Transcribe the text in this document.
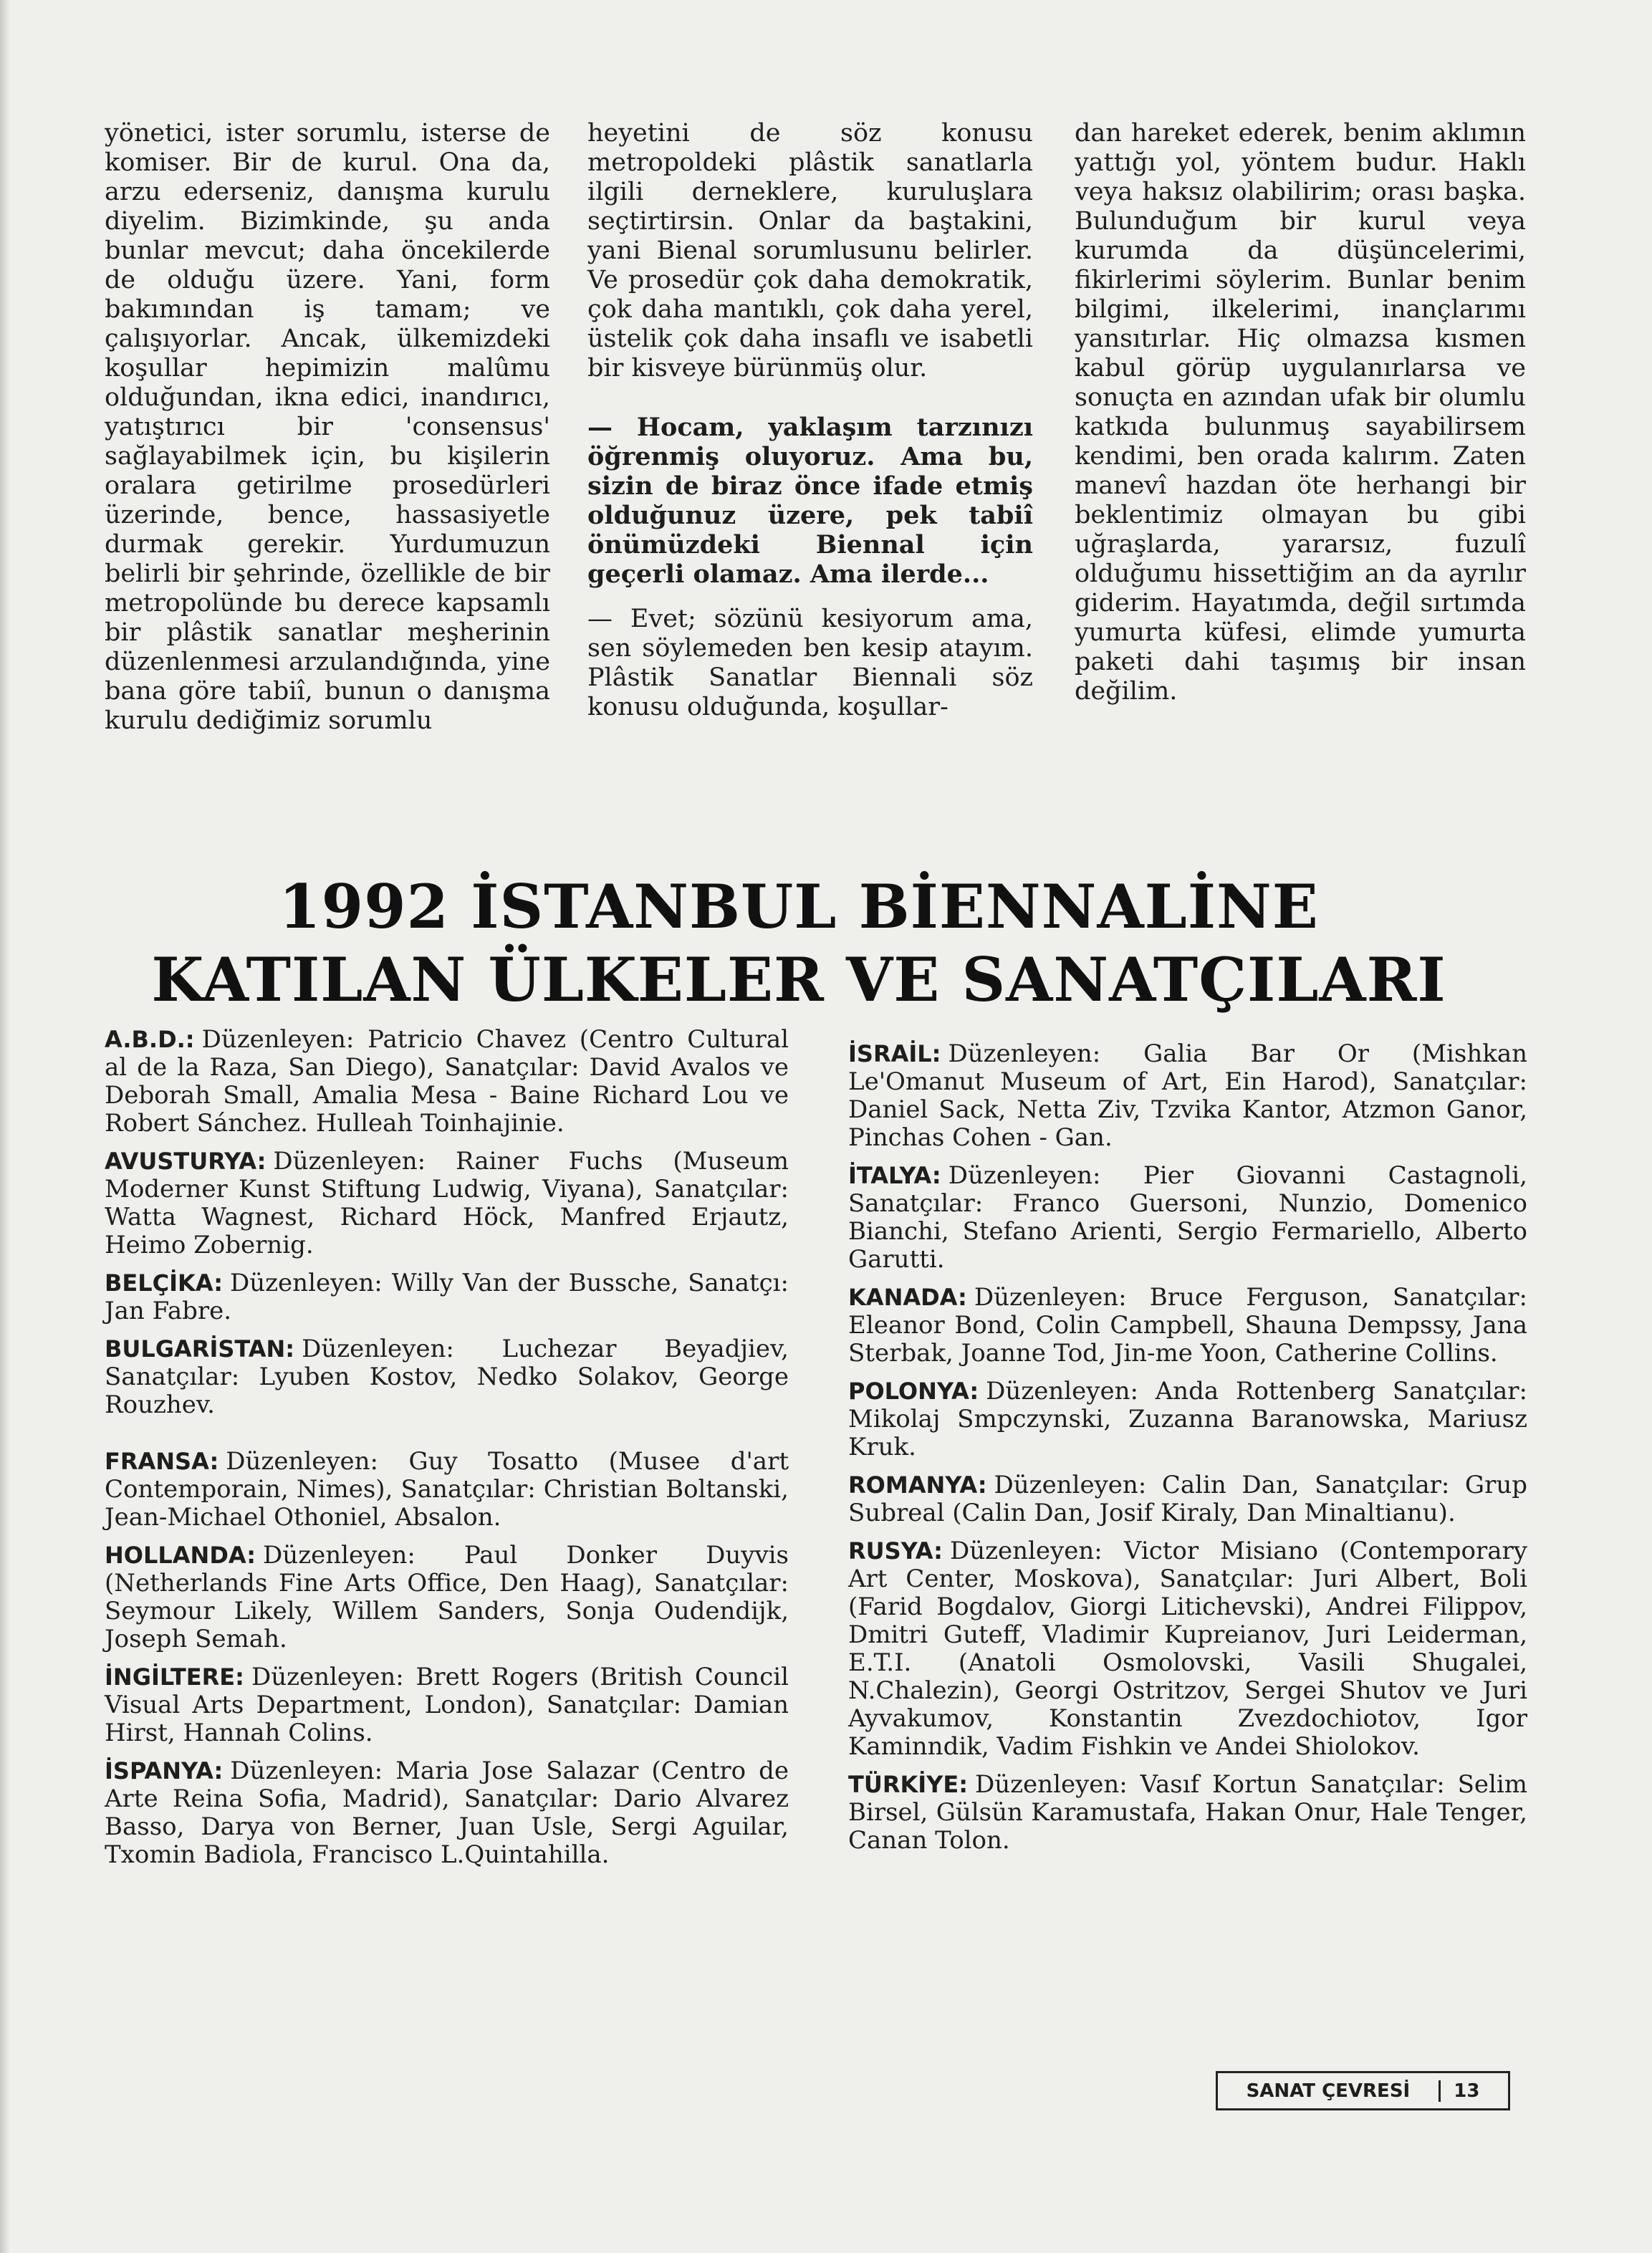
yönetici, ister sorumlu, isterse de komiser. Bir de kurul. Ona da, arzu ederseniz, danışma kurulu diyelim. Bizimkinde, şu anda bunlar mevcut; daha öncekilerde de olduğu üzere. Yani, form bakımından iş tamam; ve çalışıyorlar. Ancak, ülkemizdeki koşullar hepimizin malûmu olduğundan, ikna edici, inandırıcı, yatıştırıcı bir 'consensus' sağlayabilmek için, bu kişilerin oralara getirilme prosedürleri üzerinde, bence, hassasiyetle durmak gerekir. Yurdumuzun belirli bir şehrinde, özellikle de bir metropolünde bu derece kapsamlı bir plâstik sanatlar meşherinin düzenlenmesi arzulandığında, yine bana göre tabiî, bunun o danışma kurulu dediğimiz sorumlu

heyetini de söz konusu metropoldeki plâstik sanatlarla ilgili dernеklere, kuruluşlara seçtirtirsin. Onlar da baştakini, yani Bienal sorumlusunu belirler. Ve prosedür çok daha demokratik, çok daha mantıklı, çok daha yerel, üstelik çok daha insaflı ve isabetli bir kisveye bürünmüş olur.

— Hocam, yaklaşım tarzınızı öğrenmiş oluyoruz. Ama bu, sizin de biraz önce ifade etmiş olduğunuz üzere, pek tabiî önümüzdeki Biennal için geçerli olamaz. Ama ilerde...

— Evet; sözünü kesiyorum ama, sen söylemeden ben kesip atayım. Plâstik Sanatlar Biennali söz konusu olduğunda, koşullar-

dan hareket ederek, benim aklımın yattığı yol, yöntem budur. Haklı veya haksız olabilirim; orası başka. Bulunduğum bir kurul veya kurumda da düşüncelerimi, fikirlerimi söylerim. Bunlar benim bilgimi, ilkelerimi, inançlarımı yansıtırlar. Hiç olmazsa kısmen kabul görüp uygulanırlarsa ve sonuçta en azından ufak bir olumlu katkıda bulunmuş sayabilirsem kendimi, ben orada kalırım. Zaten manevî hazdan öte herhangi bir beklentimiz olmayan bu gibi uğraşlarda, yararsız, fuzulî olduğumu hissettiğim an da ayrılır giderim. Hayatımda, değil sırtımda yumurta küfesi, elimde yumurta paketi dahi taşımış bir insan değilim.

1992 İSTANBUL BİENNALİNE
KATILAN ÜLKELER VE SANATÇILARI

A.B.D.: Düzenleyen: Patricio Chavez (Centro Cultural al de la Raza, San Diego), Sanatçılar: David Avalos ve Deborah Small, Amalia Mesa - Baine Richard Lou ve Robert Sánchez. Hulleah Toinhajinie.

AVUSTURYA: Düzenleyen: Rainer Fuchs (Museum Moderner Kunst Stiftung Ludwig, Viyana), Sanatçılar: Watta Wagnest, Richard Höck, Manfred Erjautz, Heimo Zobernig.

BELÇİKA: Düzenleyen: Willy Van der Bussche, Sanatçı: Jan Fabre.

BULGARİSTAN: Düzenleyen: Luchezar Beyadjiev, Sanatçılar: Lyuben Kostov, Nedko Solakov, George Rouzhev.

FRANSA: Düzenleyen: Guy Tosatto (Musee d'art Contemporain, Nimes), Sanatçılar: Christian Boltanski, Jean-Michael Othoniel, Absalon.

HOLLANDA: Düzenleyen: Paul Donker Duyvis (Netherlands Fine Arts Office, Den Haag), Sanatçılar: Seymour Likely, Willem Sanders, Sonja Oudendijk, Joseph Semah.

İNGİLTERE: Düzenleyen: Brett Rogers (British Council Visual Arts Department, London), Sanatçılar: Damian Hirst, Hannah Colins.

İSPANYA: Düzenleyen: Maria Jose Salazar (Centro de Arte Reina Sofia, Madrid), Sanatçılar: Dario Alvarez Basso, Darya von Berner, Juan Usle, Sergi Aguilar, Txomin Badiola, Francisco L.Quintahilla.

İSRAİL: Düzenleyen: Galia Bar Or (Mishkan Le'Omanut Museum of Art, Ein Harod), Sanatçılar: Daniel Sack, Netta Ziv, Tzvika Kantor, Atzmon Ganor, Pinchas Cohen - Gan.

İTALYA: Düzenleyen: Pier Giovanni Castagnoli, Sanatçılar: Franco Guersoni, Nunzio, Domenico Bianchi, Stefano Arienti, Sergio Fermariello, Alberto Garutti.

KANADA: Düzenleyen: Bruce Ferguson, Sanatçılar: Eleanor Bond, Colin Campbell, Shauna Dempssy, Jana Sterbak, Joanne Tod, Jin-me Yoon, Catherine Collins.

POLONYA: Düzenleyen: Anda Rottenberg Sanatçılar: Mikolaj Smpczynski, Zuzanna Baranowska, Mariusz Kruk.

ROMANYA: Düzenleyen: Calin Dan, Sanatçılar: Grup Subreal (Calin Dan, Josif Kiraly, Dan Minaltianu).

RUSYA: Düzenleyen: Victor Misiano (Contemporary Art Center, Moskova), Sanatçılar: Juri Albert, Boli (Farid Bogdalov, Giorgi Litichevski), Andrei Filippov, Dmitri Guteff, Vladimir Kupreianov, Juri Leiderman, E.T.I. (Anatoli Osmolovski, Vasili Shugalei, N.Chalezin), Georgi Ostritzov, Sergei Shutov ve Juri Ayvakumov, Konstantin Zvezdochiotov, Igor Kaminndik, Vadim Fishkin ve Andei Shiolokov.

TÜRKİYE: Düzenleyen: Vasıf Kortun Sanatçılar: Selim Birsel, Gülsün Karamustafa, Hakan Onur, Hale Tenger, Canan Tolon.

SANAT ÇEVRESİ	13
